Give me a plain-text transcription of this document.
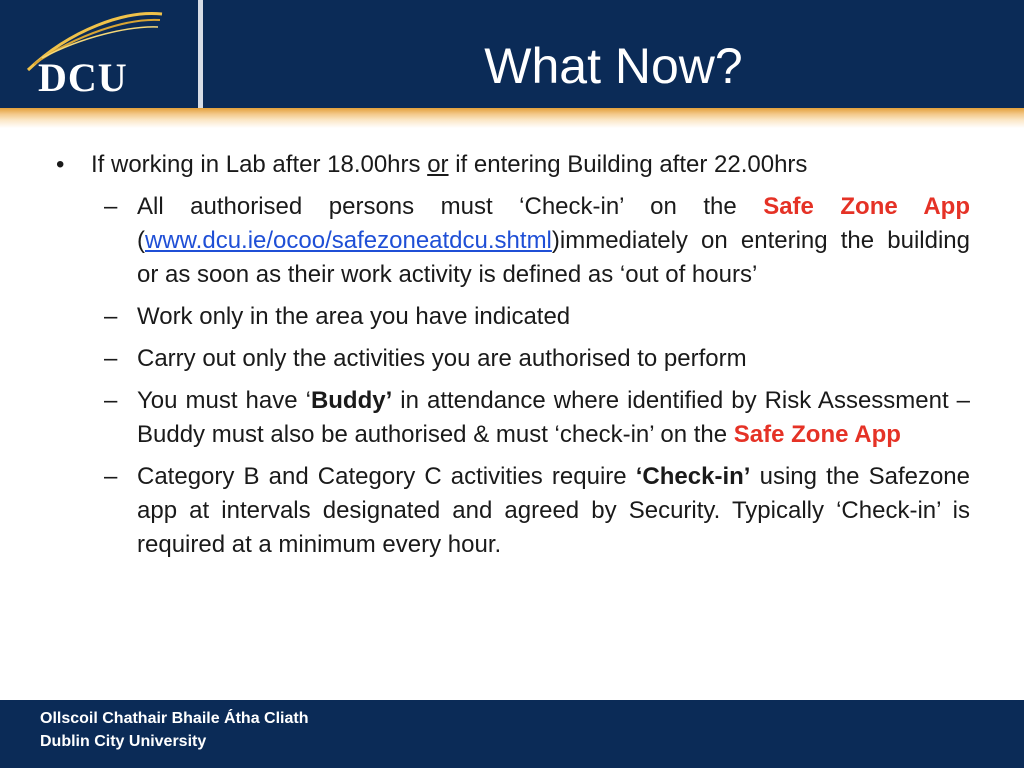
DCU	What Now?
• If working in Lab after 18.00hrs or if entering Building after 22.00hrs
– All authorised persons must ‘Check-in’ on the Safe Zone App (www.dcu.ie/ocoo/safezoneatdcu.shtml)immediately on entering the building or as soon as their work activity is defined as ‘out of hours’
– Work only in the area you have indicated
– Carry out only the activities you are authorised to perform
– You must have ‘Buddy’ in attendance where identified by Risk Assessment – Buddy must also be authorised & must ‘check-in’ on the Safe Zone App
– Category B and Category C activities require ‘Check-in’ using the Safezone app at intervals designated and agreed by Security. Typically ‘Check-in’ is required at a minimum every hour.
Ollscoil Chathair Bhaile Átha Cliath
Dublin City University
